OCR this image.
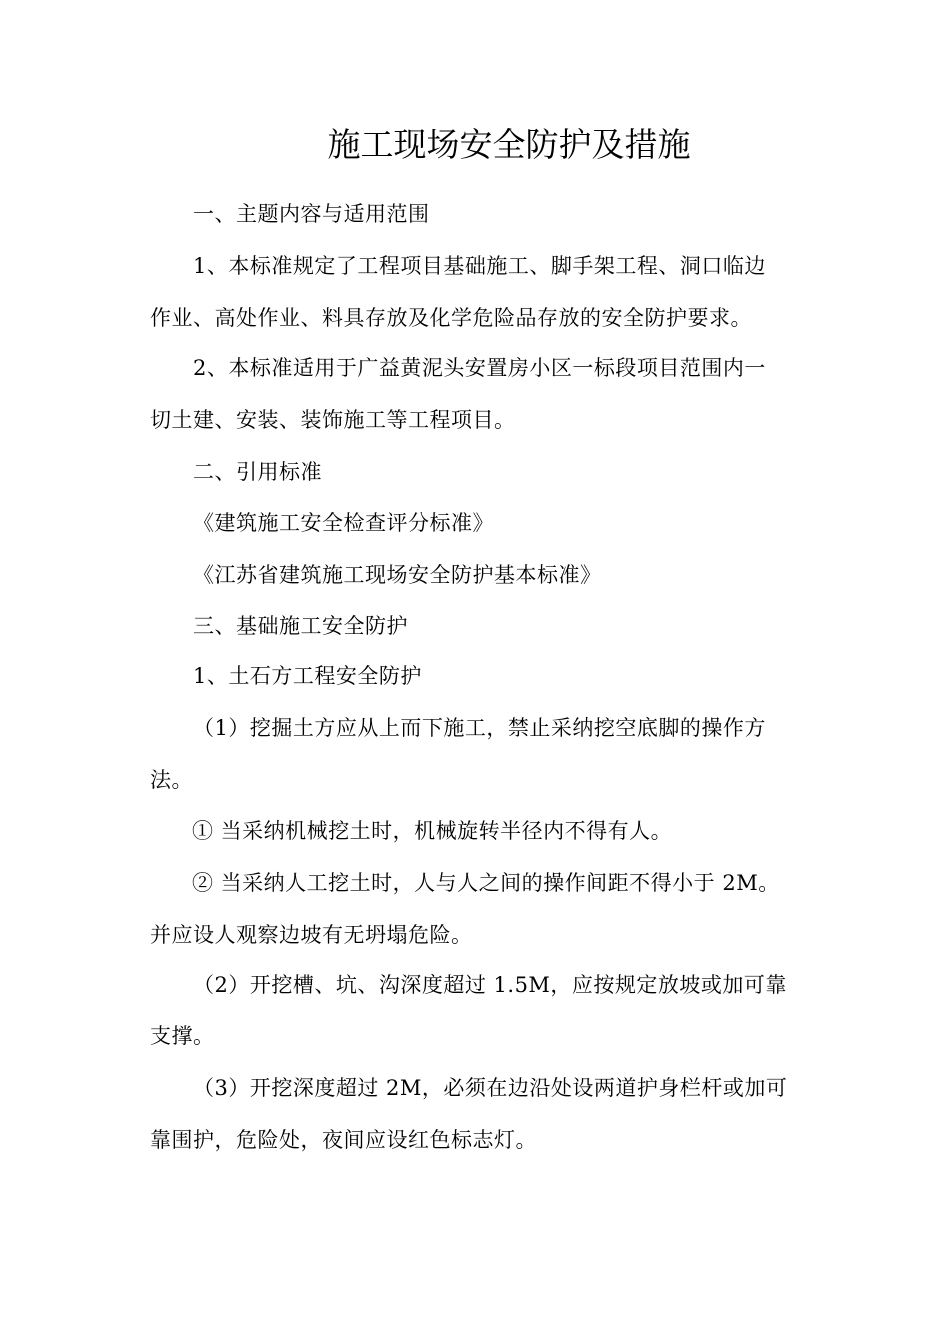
施工现场安全防护及措施
一、主题内容与适用范围
1、本标准规定了工程项目基础施工、脚手架工程、洞口临边
作业、高处作业、料具存放及化学危险品存放的安全防护要求。
2、本标准适用于广益黄泥头安置房小区一标段项目范围内一
切土建、安装、装饰施工等工程项目。
二、引用标准
《建筑施工安全检查评分标准》
《江苏省建筑施工现场安全防护基本标准》
三、基础施工安全防护
1、土石方工程安全防护
（1）挖掘土方应从上而下施工，禁止采纳挖空底脚的操作方
法。
① 当采纳机械挖土时，机械旋转半径内不得有人。
② 当采纳人工挖土时，人与人之间的操作间距不得小于 2M。
并应设人观察边坡有无坍塌危险。
（2）开挖槽、坑、沟深度超过 1.5M，应按规定放坡或加可靠
支撑。
（3）开挖深度超过 2M，必须在边沿处设两道护身栏杆或加可
靠围护，危险处，夜间应设红色标志灯。
